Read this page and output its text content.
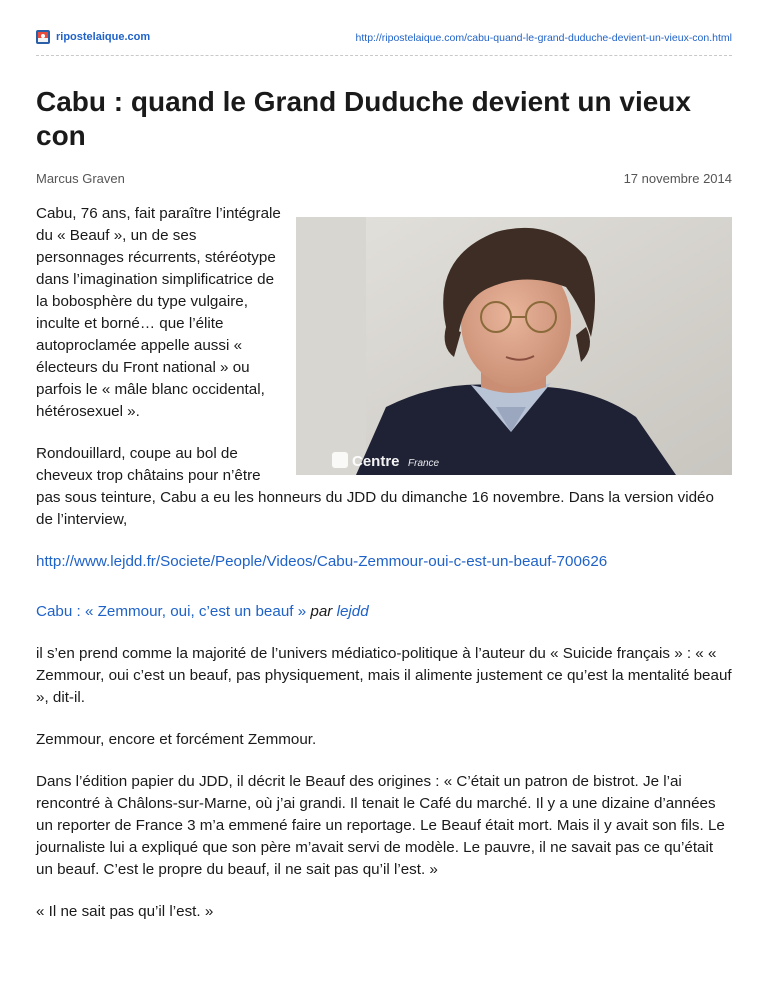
ripostelaique.com	http://ripostelaique.com/cabu-quand-le-grand-duduche-devient-un-vieux-con.html
Cabu : quand le Grand Duduche devient un vieux con
Marcus Graven	17 novembre 2014
Centre France

Cabu, 76 ans, fait paraître l’intégrale du « Beauf », un de ses personnages récurrents, stéréotype dans l’imagination simplificatrice de la bobosphère du type vulgaire, inculte et borné… que l’élite autoproclamée appelle aussi « électeurs du Front national » ou parfois le « mâle blanc occidental, hétérosexuel ».

Rondouillard, coupe au bol de cheveux trop châtains pour n’être pas sous teinture, Cabu a eu les honneurs du JDD du dimanche 16 novembre. Dans la version vidéo de l’interview,

http://www.lejdd.fr/Societe/People/Videos/Cabu-Zemmour-oui-c-est-un-beauf-700626

Cabu : « Zemmour, oui, c’est un beauf » par lejdd

il s’en prend comme la majorité de l’univers médiatico-politique à l’auteur du « Suicide français » : « « Zemmour, oui c’est un beauf, pas physiquement, mais il alimente justement ce qu’est la mentalité beauf », dit-il.

Zemmour, encore et forcément Zemmour.

Dans l’édition papier du JDD, il décrit le Beauf des origines : « C’était un patron de bistrot. Je l’ai rencontré à Châlons-sur-Marne, où j’ai grandi. Il tenait le Café du marché. Il y a une dizaine d’années un reporter de France 3 m’a emmené faire un reportage. Le Beauf était mort. Mais il y avait son fils. Le journaliste lui a expliqué que son père m’avait servi de modèle. Le pauvre, il ne savait pas ce qu’était un beauf. C’est le propre du beauf, il ne sait pas qu’il l’est. »

« Il ne sait pas qu’il l’est. »
